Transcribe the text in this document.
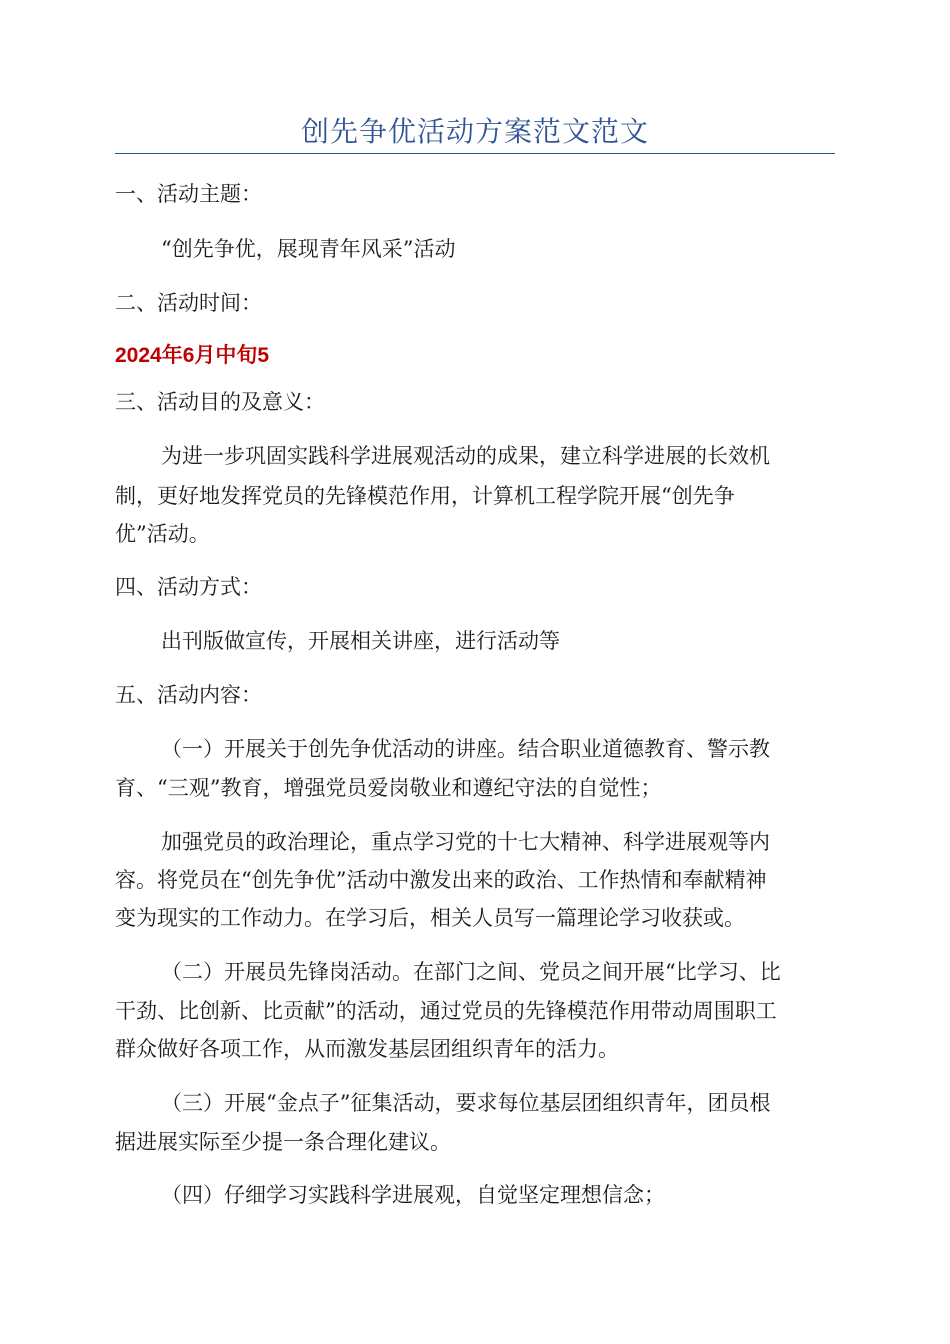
创先争优活动方案范文范文

一、活动主题：

“创先争优，展现青年风采”活动

二、活动时间：

2024年6月中旬5

三、活动目的及意义：

为进一步巩固实践科学进展观活动的成果，建立科学进展的长效机

制，更好地发挥党员的先锋模范作用，计算机工程学院开展“创先争

优”活动。

四、活动方式：

出刊版做宣传，开展相关讲座，进行活动等

五、活动内容：

（一）开展关于创先争优活动的讲座。结合职业道德教育、警示教

育、“三观”教育，增强党员爱岗敬业和遵纪守法的自觉性；

加强党员的政治理论，重点学习党的十七大精神、科学进展观等内

容。将党员在“创先争优”活动中激发出来的政治、工作热情和奉献精神

变为现实的工作动力。在学习后，相关人员写一篇理论学习收获或。

（二）开展员先锋岗活动。在部门之间、党员之间开展“比学习、比

干劲、比创新、比贡献”的活动，通过党员的先锋模范作用带动周围职工

群众做好各项工作，从而激发基层团组织青年的活力。

（三）开展“金点子”征集活动，要求每位基层团组织青年，团员根

据进展实际至少提一条合理化建议。

（四）仔细学习实践科学进展观，自觉坚定理想信念；
